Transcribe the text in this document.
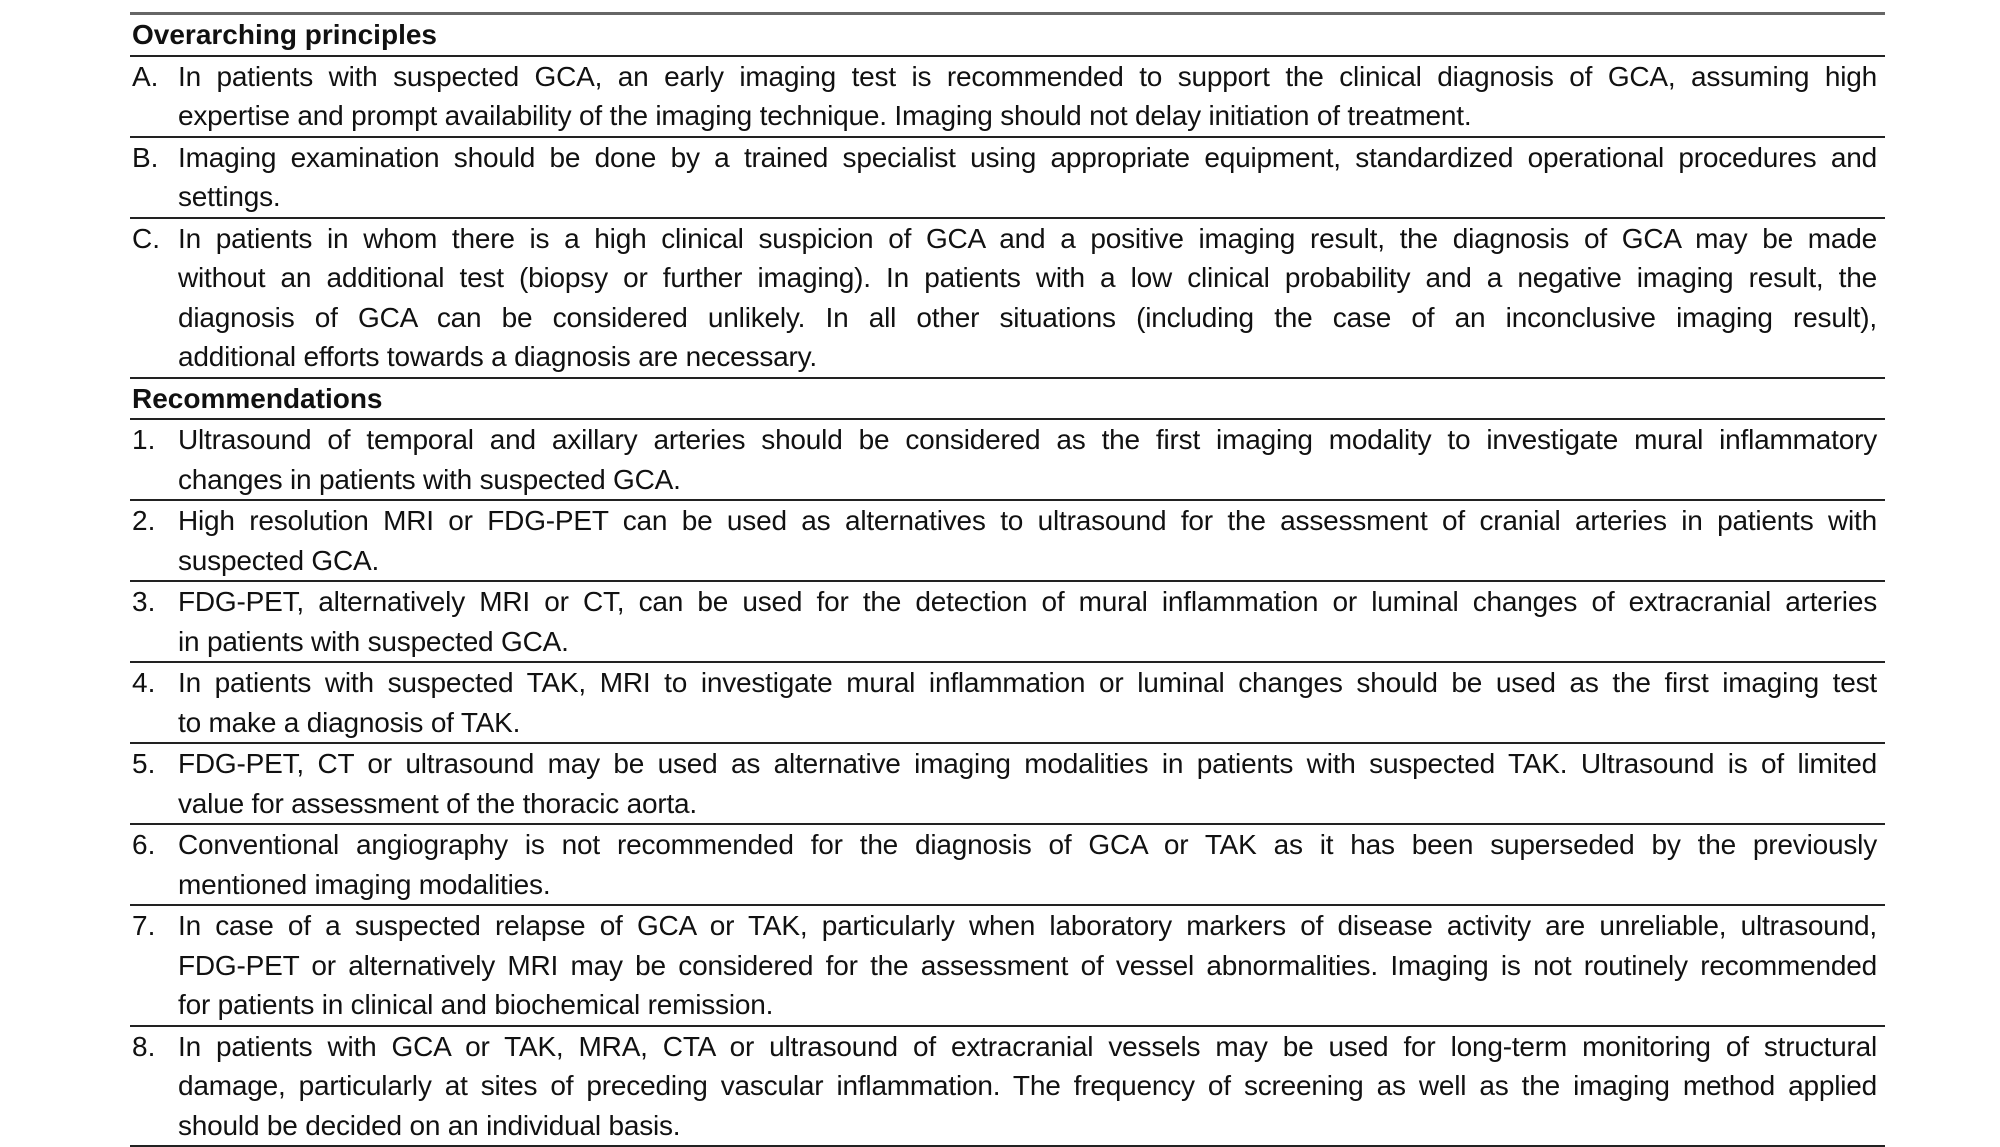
Overarching principles
A. In patients with suspected GCA, an early imaging test is recommended to support the clinical diagnosis of GCA, assuming high
expertise and prompt availability of the imaging technique. Imaging should not delay initiation of treatment.
B. Imaging examination should be done by a trained specialist using appropriate equipment, standardized operational procedures and
settings.
C. In patients in whom there is a high clinical suspicion of GCA and a positive imaging result, the diagnosis of GCA may be made
without an additional test (biopsy or further imaging). In patients with a low clinical probability and a negative imaging result, the
diagnosis of GCA can be considered unlikely. In all other situations (including the case of an inconclusive imaging result),
additional efforts towards a diagnosis are necessary.
Recommendations
1. Ultrasound of temporal and axillary arteries should be considered as the first imaging modality to investigate mural inflammatory
changes in patients with suspected GCA.
2. High resolution MRI or FDG-PET can be used as alternatives to ultrasound for the assessment of cranial arteries in patients with
suspected GCA.
3. FDG-PET, alternatively MRI or CT, can be used for the detection of mural inflammation or luminal changes of extracranial arteries
in patients with suspected GCA.
4. In patients with suspected TAK, MRI to investigate mural inflammation or luminal changes should be used as the first imaging test
to make a diagnosis of TAK.
5. FDG-PET, CT or ultrasound may be used as alternative imaging modalities in patients with suspected TAK. Ultrasound is of limited
value for assessment of the thoracic aorta.
6. Conventional angiography is not recommended for the diagnosis of GCA or TAK as it has been superseded by the previously
mentioned imaging modalities.
7. In case of a suspected relapse of GCA or TAK, particularly when laboratory markers of disease activity are unreliable, ultrasound,
FDG-PET or alternatively MRI may be considered for the assessment of vessel abnormalities. Imaging is not routinely recommended
for patients in clinical and biochemical remission.
8. In patients with GCA or TAK, MRA, CTA or ultrasound of extracranial vessels may be used for long-term monitoring of structural
damage, particularly at sites of preceding vascular inflammation. The frequency of screening as well as the imaging method applied
should be decided on an individual basis.
